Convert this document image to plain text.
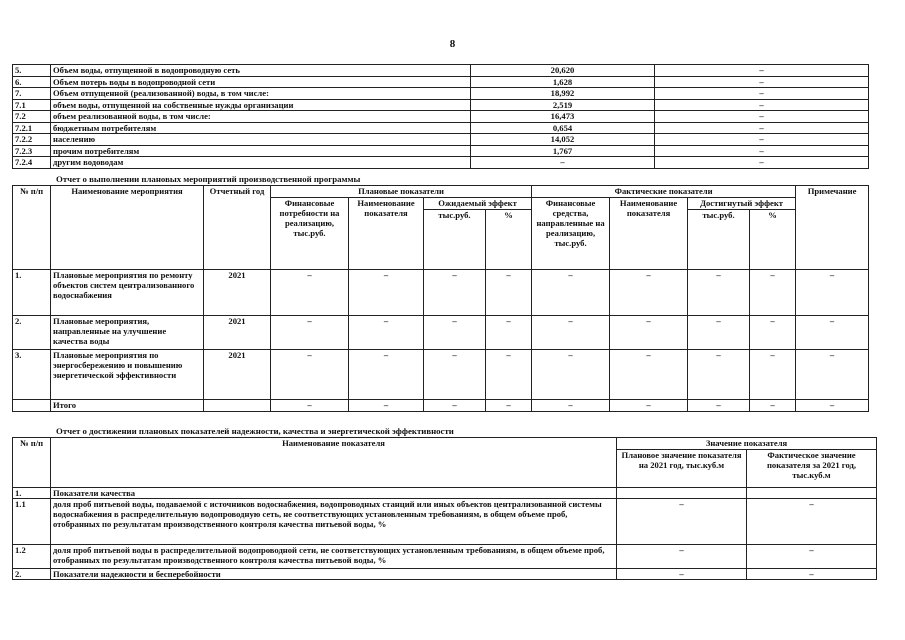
8
5.	Объем воды, отпущенной в водопроводную сеть	20,620	–
6.	Объем потерь воды в водопроводной сети	1,628	–
7.	Объем отпущенной (реализованной) воды, в том числе:	18,992	–
7.1	объем воды, отпущенной на собственные нужды организации	2,519	–
7.2	объем реализованной воды, в том числе:	16,473	–
7.2.1	бюджетным потребителям	0,654	–
7.2.2	населению	14,052	–
7.2.3	прочим потребителям	1,767	–
7.2.4	другим водоводам	–	–
Отчет о выполнении плановых мероприятий производственной программы
№ п/п	Наименование мероприятия	Отчетный год	Плановые показатели				Фактические показатели				Примечание
			Финансовые потребности на реализацию, тыс.руб.	Наименование показателя	Ожидаемый эффект		Финансовые средства, направленные на реализацию, тыс.руб.	Наименование показателя	Достигнутый эффект		
					тыс.руб.	%			тыс.руб.	%	
1.	Плановые мероприятия по ремонту объектов систем централизованного водоснабжения	2021	–	–	–	–	–	–	–	–	–
2.	Плановые мероприятия, направленные на улучшение качества воды	2021	–	–	–	–	–	–	–	–	–
3.	Плановые мероприятия по энергосбережению и повышению энергетической эффективности	2021	–	–	–	–	–	–	–	–	–
	Итого		–	–	–	–	–	–	–	–	–
Отчет о достижении плановых показателей надежности, качества и энергетической эффективности
№ п/п	Наименование показателя	Значение показателя	
		Плановое значение показателя на 2021 год, тыс.куб.м	Фактическое значение показателя за 2021 год, тыс.куб.м
1.	Показатели качества		
1.1	доля проб питьевой воды, подаваемой с источников водоснабжения, водопроводных станций или иных объектов централизованной системы водоснабжения в распределительную водопроводную сеть, не соответствующих установленным требованиям, в общем объеме проб, отобранных по результатам производственного контроля качества питьевой воды, %	–	–
1.2	доля проб питьевой воды в распределительной водопроводной сети, не соответствующих установленным требованиям, в общем объеме проб, отобранных по результатам производственного контроля качества питьевой воды, %	–	–
2.	Показатели надежности и бесперебойности	–	–
